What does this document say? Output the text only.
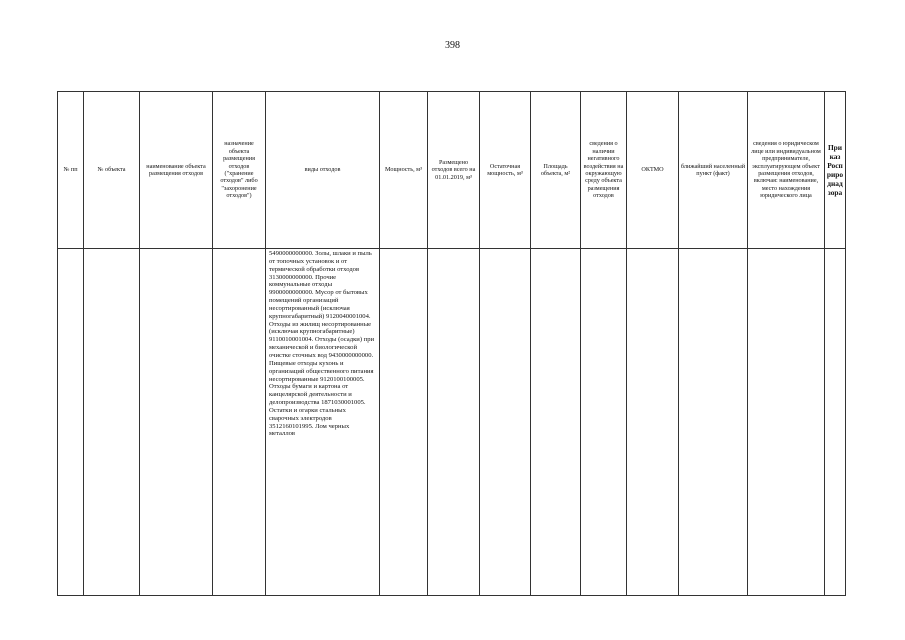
398
№ пп	№ объекта	наименование объекта размещения отходов	назначение объекта размещения отходов ("хранение отходов" либо "захоронение отходов")	виды отходов	Мощность, м³	Размещено отходов всего на 01.01.2019, м³	Остаточная мощность, м³	Площадь объекта, м²	сведения о наличии негативного воздействия на окружающую среду объекта размещения отходов	ОКТМО	ближайший населенный пункт (факт)	сведения о юридическом лице или индивидуальном предпринимателе, эксплуатирующем объект размещения отходов, включая: наименование, место нахождения юридического лица	Приказ Росприроднадзора
				5490000000000. Золы, шлаки и пыль от топочных установок и от термической обработки отходов 3130000000000. Прочие коммунальные отходы 9900000000000. Мусор от бытовых помещений организаций несортированный (исключая крупногабаритный) 9120040001004. Отходы из жилищ несортированные (исключая крупногабаритные) 9110010001004. Отходы (осадки) при механической и биологической очистке сточных вод 9430000000000. Пищевые отходы кухонь и организаций общественного питания несортированные 9120100100005. Отходы бумаги и картона от канцелярской деятельности и делопроизводства 1871030001005. Остатки и огарки стальных сварочных электродов 3512160101995. Лом черных металлов									
